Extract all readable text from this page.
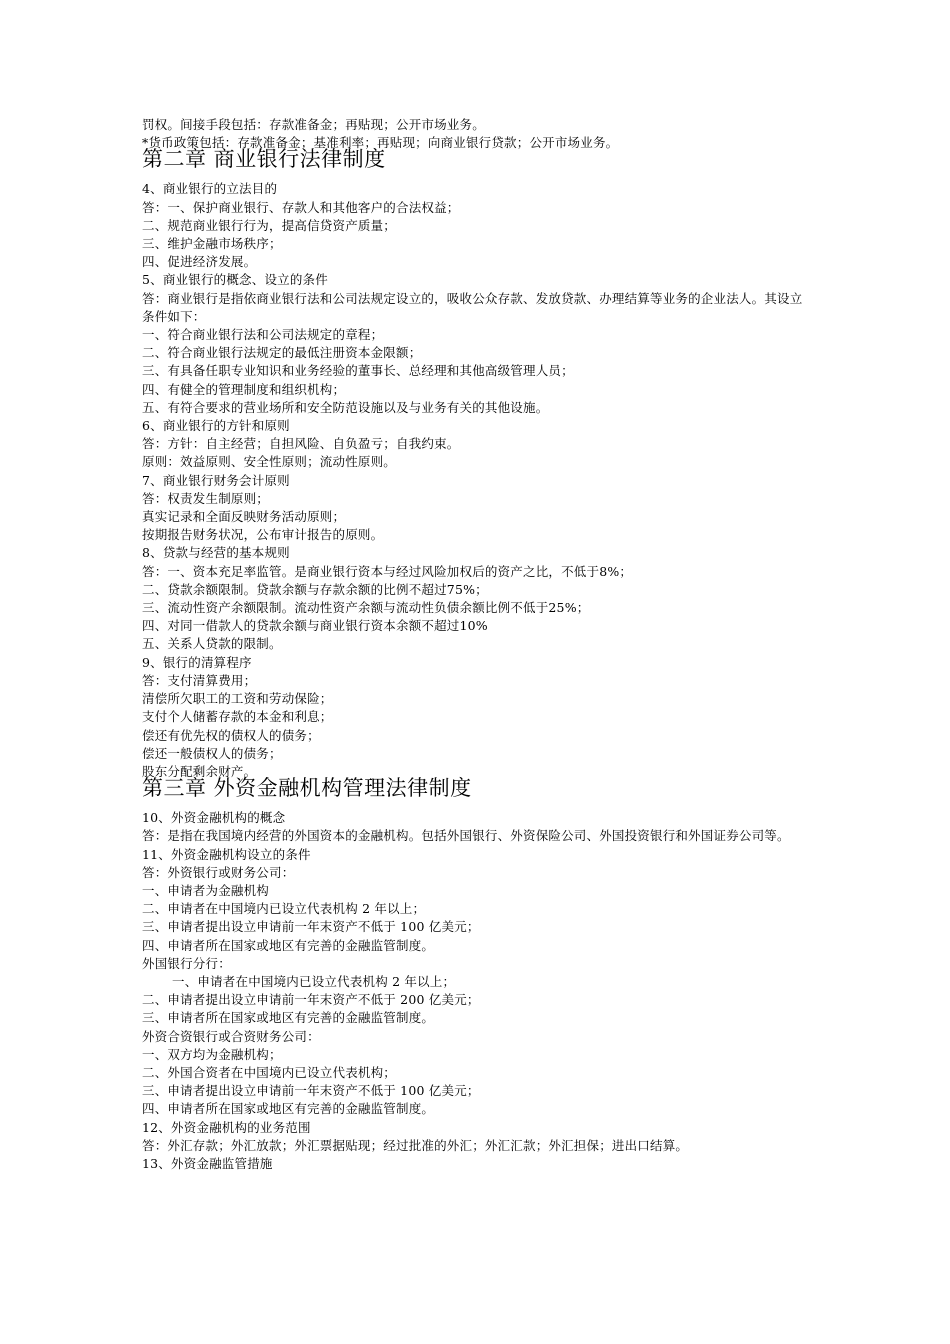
罚权。间接手段包括：存款准备金；再贴现；公开市场业务。
*货币政策包括：存款准备金；基准利率；再贴现；向商业银行贷款；公开市场业务。
第二章 商业银行法律制度
4、商业银行的立法目的
答：一、保护商业银行、存款人和其他客户的合法权益；
二、规范商业银行行为，提高信贷资产质量；
三、维护金融市场秩序；
四、促进经济发展。
5、商业银行的概念、设立的条件
答：商业银行是指依商业银行法和公司法规定设立的，吸收公众存款、发放贷款、办理结算等业务的企业法人。其设立条件如下：
一、符合商业银行法和公司法规定的章程；
二、符合商业银行法规定的最低注册资本金限额；
三、有具备任职专业知识和业务经验的董事长、总经理和其他高级管理人员；
四、有健全的管理制度和组织机构；
五、有符合要求的营业场所和安全防范设施以及与业务有关的其他设施。
6、商业银行的方针和原则
答：方针：自主经营；自担风险、自负盈亏；自我约束。
原则：效益原则、安全性原则；流动性原则。
7、商业银行财务会计原则
答：权责发生制原则；
真实记录和全面反映财务活动原则；
按期报告财务状况，公布审计报告的原则。
8、贷款与经营的基本规则
答：一、资本充足率监管。是商业银行资本与经过风险加权后的资产之比，不低于8%；
二、贷款余额限制。贷款余额与存款余额的比例不超过75%；
三、流动性资产余额限制。流动性资产余额与流动性负债余额比例不低于25%；
四、对同一借款人的贷款余额与商业银行资本余额不超过10%
五、关系人贷款的限制。
9、银行的清算程序
答：支付清算费用；
清偿所欠职工的工资和劳动保险；
支付个人储蓄存款的本金和利息；
偿还有优先权的债权人的债务；
偿还一般债权人的债务；
股东分配剩余财产。
第三章 外资金融机构管理法律制度
10、外资金融机构的概念
答：是指在我国境内经营的外国资本的金融机构。包括外国银行、外资保险公司、外国投资银行和外国证券公司等。
11、外资金融机构设立的条件
答：外资银行或财务公司：
一、申请者为金融机构
二、申请者在中国境内已设立代表机构 2 年以上；
三、申请者提出设立申请前一年末资产不低于 100 亿美元；
四、申请者所在国家或地区有完善的金融监管制度。
外国银行分行：
一、申请者在中国境内已设立代表机构 2 年以上；
二、申请者提出设立申请前一年末资产不低于 200 亿美元；
三、申请者所在国家或地区有完善的金融监管制度。
外资合资银行或合资财务公司：
一、双方均为金融机构；
二、外国合资者在中国境内已设立代表机构；
三、申请者提出设立申请前一年末资产不低于 100 亿美元；
四、申请者所在国家或地区有完善的金融监管制度。
12、外资金融机构的业务范围
答：外汇存款；外汇放款；外汇票据贴现；经过批准的外汇；外汇汇款；外汇担保；进出口结算。
13、外资金融监管措施
